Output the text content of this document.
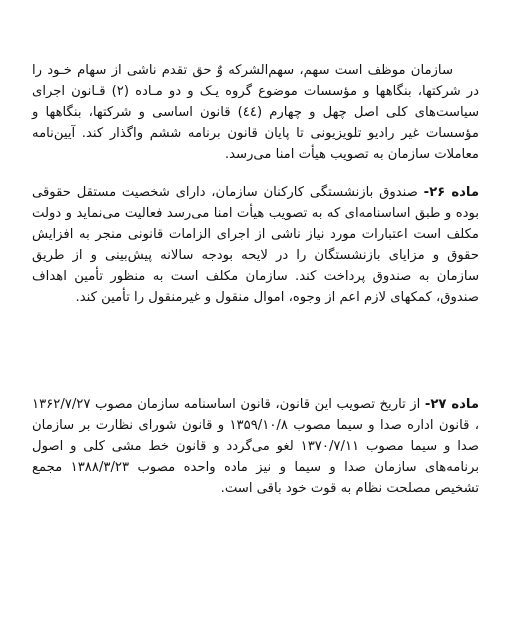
سازمان موظف است سهم، سهم‌الشرکه وٌ حق تقدم ناشی از سهام خـود را در شرکتها، بنگاهها و مؤسسات موضوع گروه یـک و دو مـاده (۲) قـانون اجرای سیاست‌های کلی اصل چهل و چهارم (٤٤) قانون اساسی و شرکتها، بنگاهها و مؤسسات غیر رادیو تلویزیونی تا پایان قانون برنامه ششم واگذار کند. آیین‌نامه معاملات سازمان به تصویب هیأت امنا می‌رسد.

ماده ۲۶- صندوق بازنشستگی کارکنان سازمان، دارای شخصیت مستقل حقوقی بوده و طبق اساسنامه‌ای که به تصویب هیأت امنا می‌رسد فعالیت می‌نماید و دولت مکلف است اعتبارات مورد نیاز ناشی از اجرای الزامات قانونی منجر به افزایش حقوق و مزایای بازنشستگان را در لایحه بودجه سالانه پیش‌بینی و از طریق سازمان به صندوق پرداخت کند. سازمان مکلف است به منظور تأمین اهداف صندوق، کمکهای لازم اعم از وجوه، اموال منقول و غیرمنقول را تأمین کند.

ماده ۲۷- از تاریخ تصویب این قانون، قانون اساسنامه سازمان مصوب ۱۳۶۲/۷/۲۷ ، قانون اداره صدا و سیما مصوب ۱۳۵۹/۱۰/۸ و قانون شورای نظارت بر سازمان صدا و سیما مصوب ۱۳۷۰/۷/۱۱ لغو می‌گردد و قانون خط مشی کلی و اصول برنامه‌های سازمان صدا و سیما و نیز ماده واحده مصوب ۱۳۸۸/۳/۲۳ مجمع تشخیص مصلحت نظام به قوت خود باقی است.
